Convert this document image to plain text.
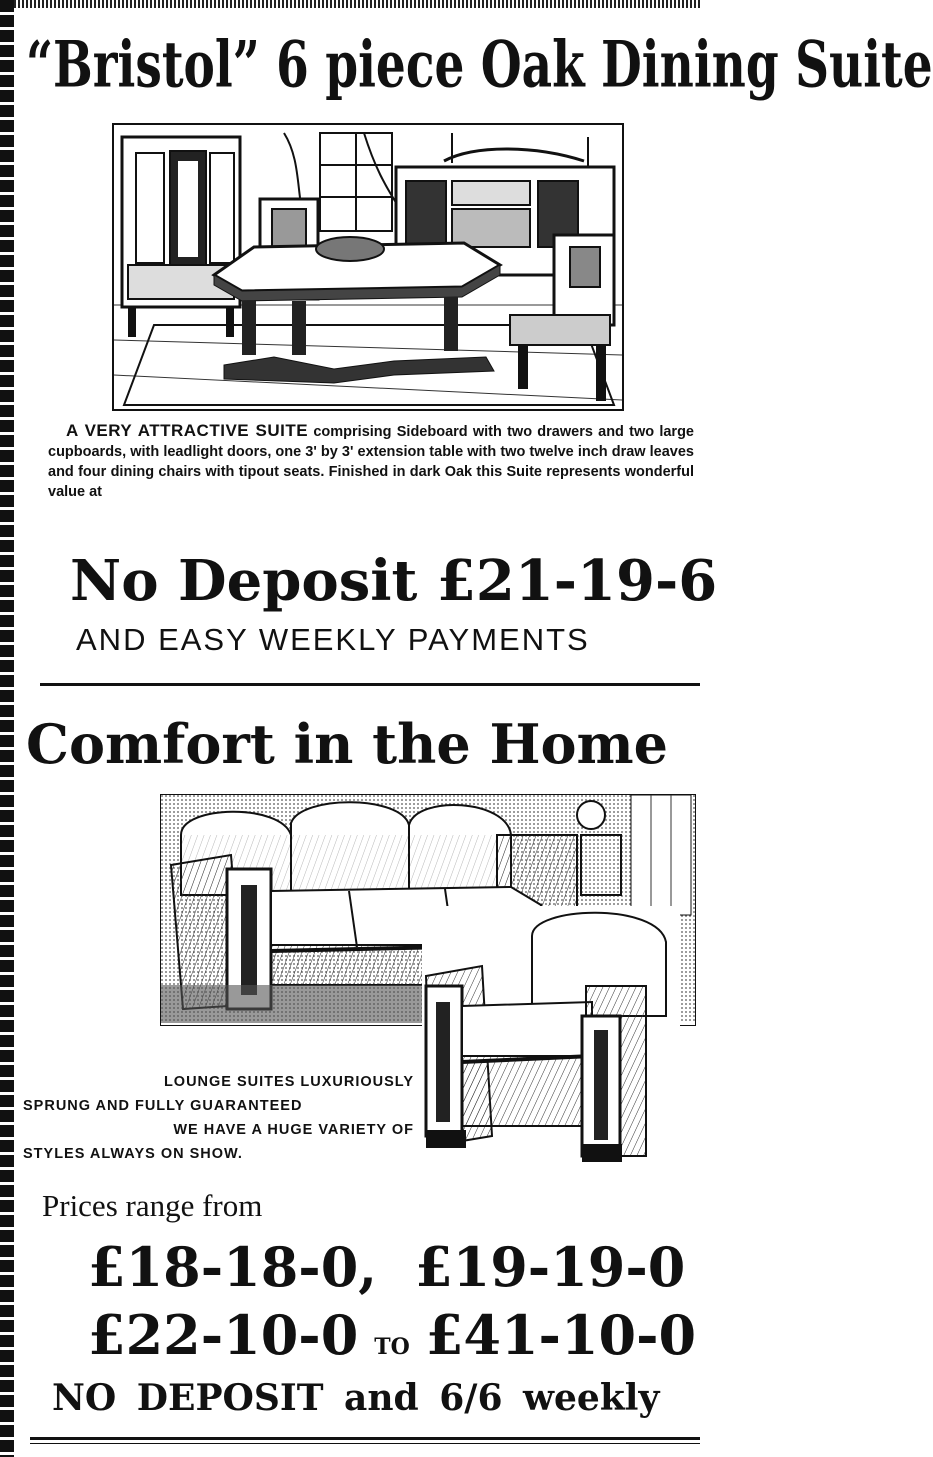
“Bristol” 6 piece Oak Dining Suite
A VERY ATTRACTIVE SUITE comprising Sideboard with two drawers and two large cupboards, with leadlight doors, one 3' by 3' extension table with two twelve inch draw leaves and four dining chairs with tipout seats. Finished in dark Oak this Suite represents wonderful value at
No Deposit £21-19-6
AND EASY WEEKLY PAYMENTS
Comfort in the Home
LOUNGE SUITES LUXURIOUSLY
SPRUNG AND FULLY GUARANTEED
WE HAVE A HUGE VARIETY OF
STYLES ALWAYS ON SHOW.
Prices range from
£18-18-0, £19-19-0
£22-10-0 TO £41-10-0
NO DEPOSIT and 6/6 weekly
